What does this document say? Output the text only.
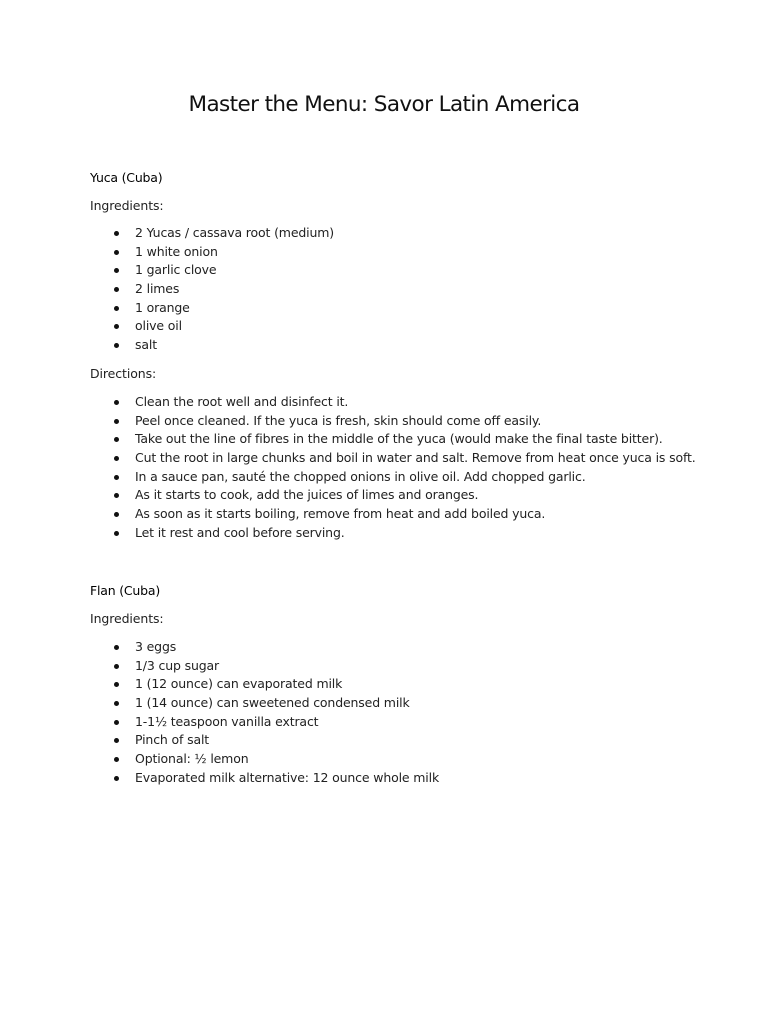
Master the Menu: Savor Latin America

Yuca (Cuba)

Ingredients:

2 Yucas / cassava root (medium)
1 white onion
1 garlic clove
2 limes
1 orange
olive oil
salt

Directions:

Clean the root well and disinfect it.
Peel once cleaned. If the yuca is fresh, skin should come off easily.
Take out the line of fibres in the middle of the yuca (would make the final taste bitter).
Cut the root in large chunks and boil in water and salt. Remove from heat once yuca is soft.
In a sauce pan, sauté the chopped onions in olive oil. Add chopped garlic.
As it starts to cook, add the juices of limes and oranges.
As soon as it starts boiling, remove from heat and add boiled yuca.
Let it rest and cool before serving.

Flan (Cuba)

Ingredients:

3 eggs
1/3 cup sugar
1 (12 ounce) can evaporated milk
1 (14 ounce) can sweetened condensed milk
1-1½ teaspoon vanilla extract
Pinch of salt
Optional: ½ lemon
Evaporated milk alternative: 12 ounce whole milk
